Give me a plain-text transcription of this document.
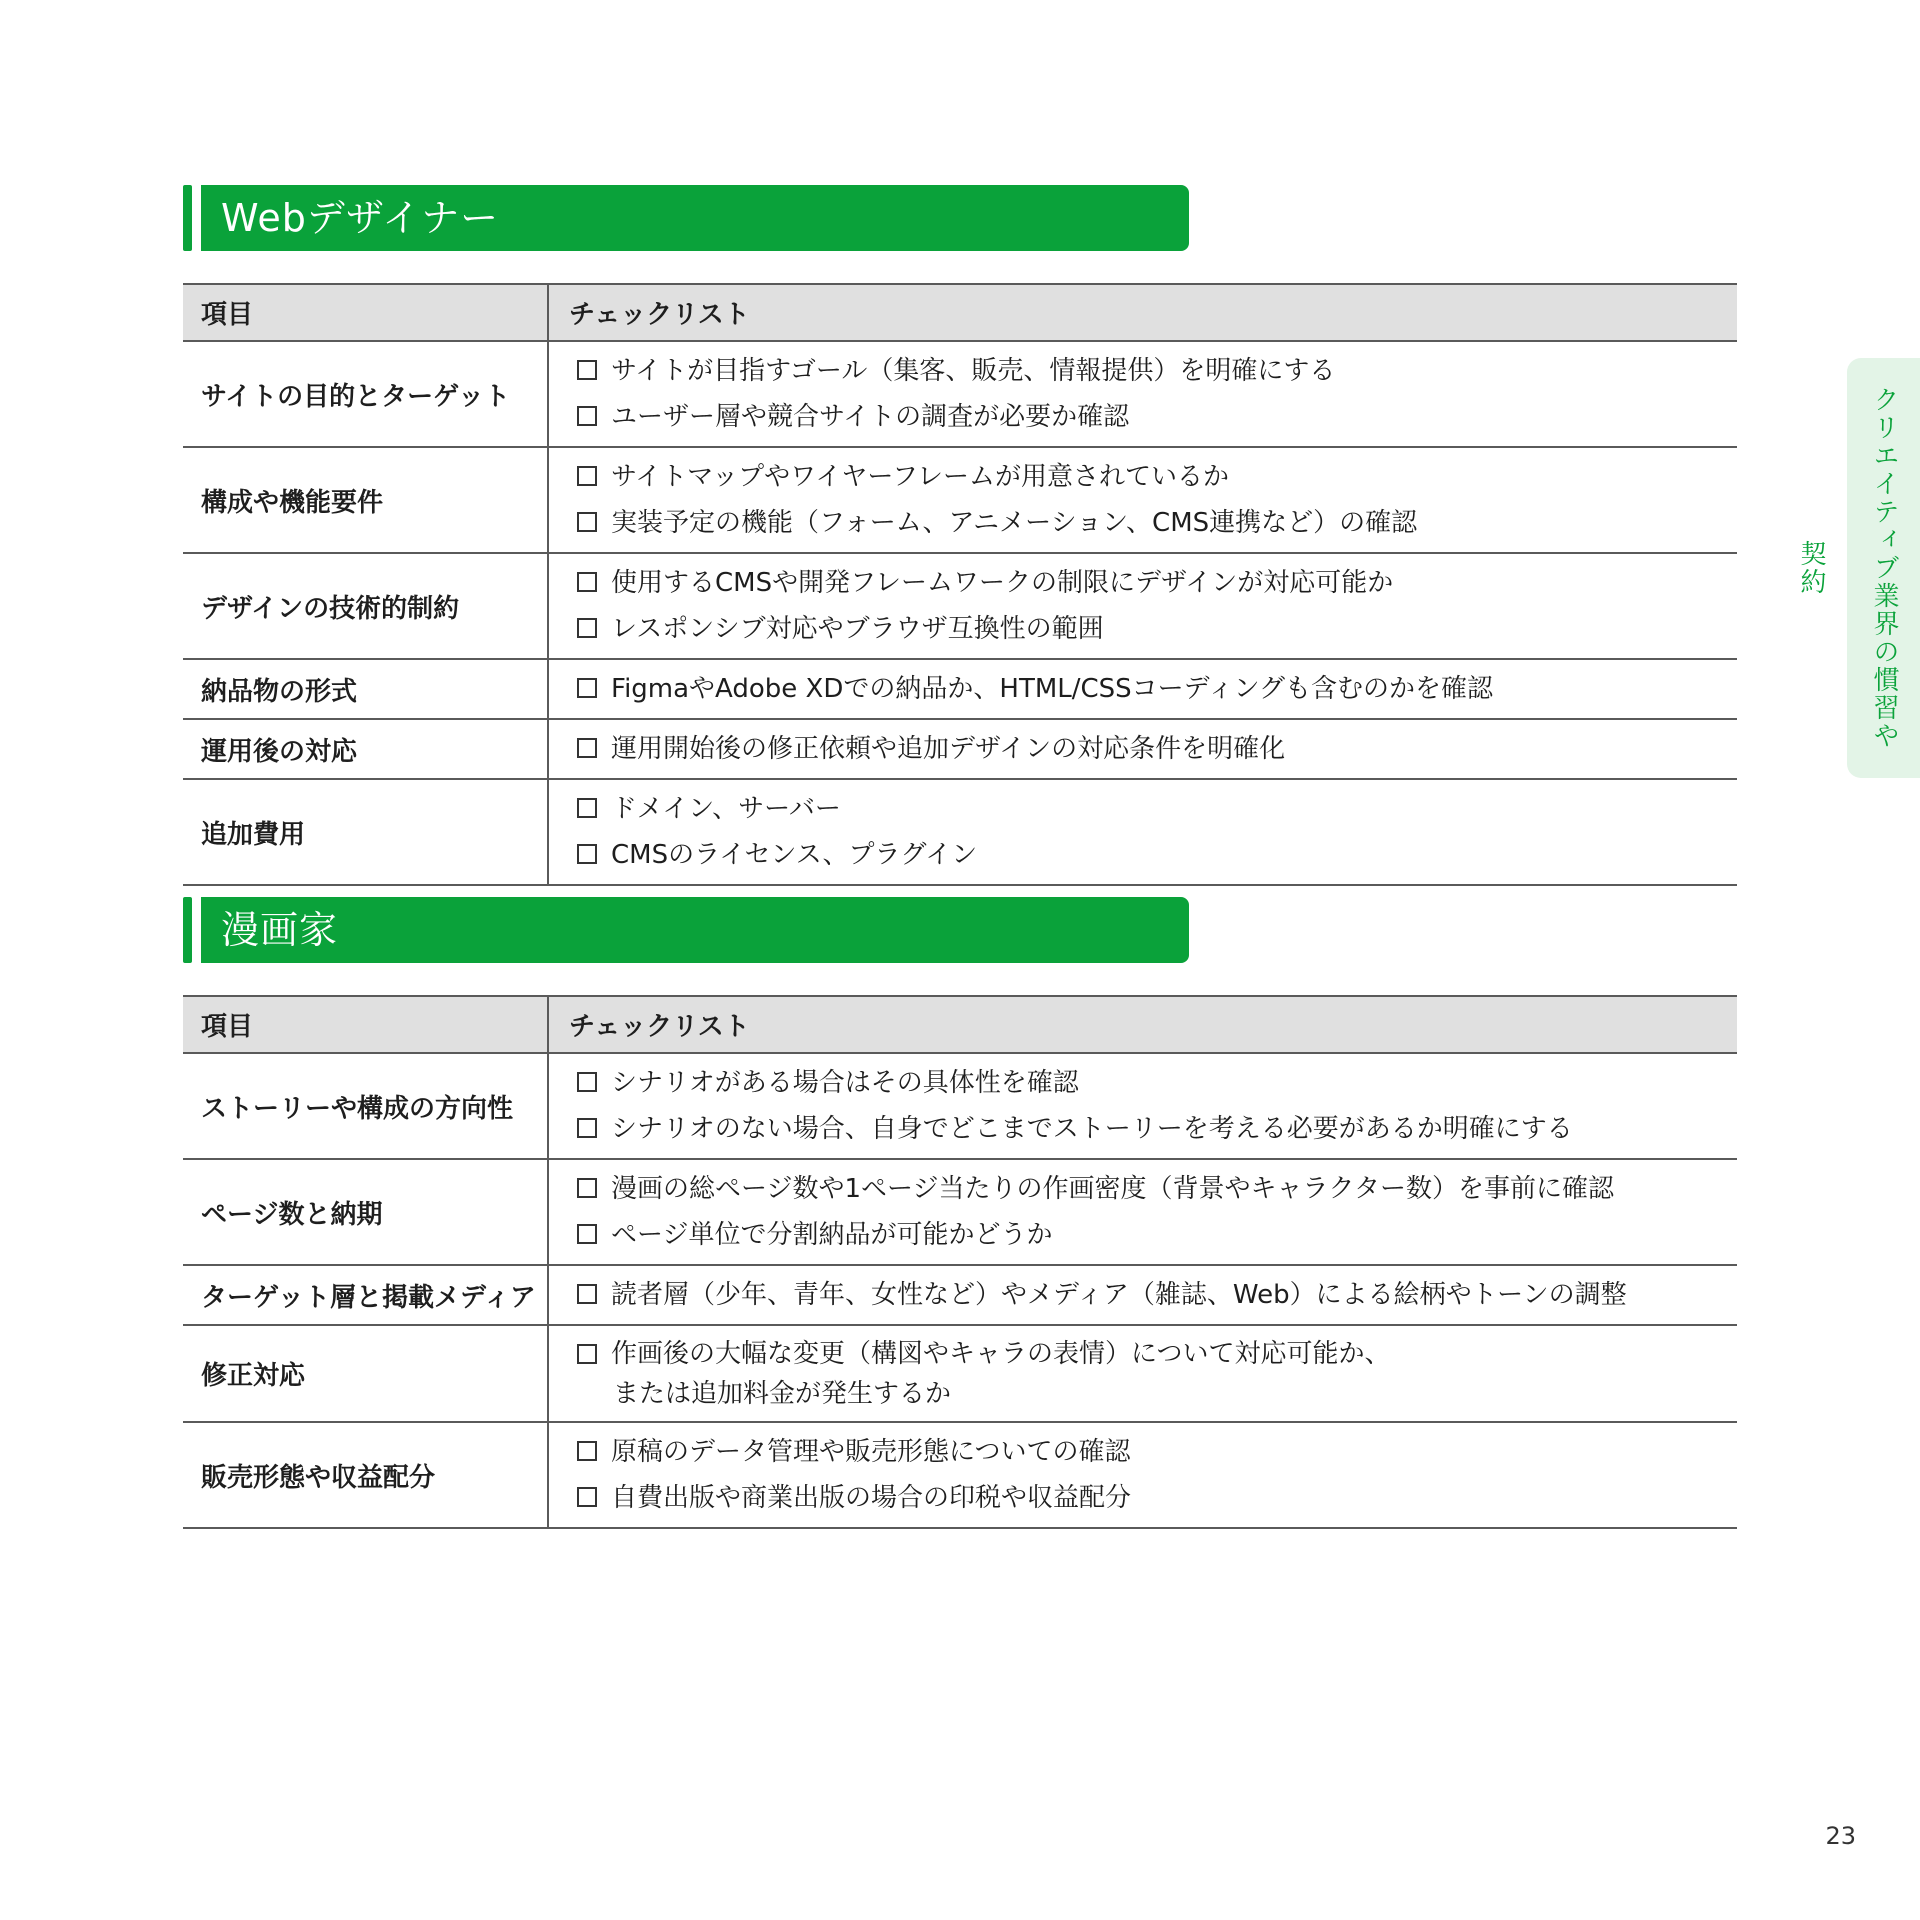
Webデザイナー
項目	チェックリスト
サイトの目的とターゲット	サイトが目指すゴール（集客、販売、情報提供）を明確にする
ユーザー層や競合サイトの調査が必要か確認

構成や機能要件	サイトマップやワイヤーフレームが用意されているか
実装予定の機能（フォーム、アニメーション、CMS連携など）の確認

デザインの技術的制約	使用するCMSや開発フレームワークの制限にデザインが対応可能か
レスポンシブ対応やブラウザ互換性の範囲

納品物の形式	FigmaやAdobe XDでの納品か、HTML/CSSコーディングも含むのかを確認

運用後の対応	運用開始後の修正依頼や追加デザインの対応条件を明確化

追加費用	ドメイン、サーバー
CMSのライセンス、プラグイン
漫画家
項目	チェックリスト
ストーリーや構成の方向性	シナリオがある場合はその具体性を確認
シナリオのない場合、自身でどこまでストーリーを考える必要があるか明確にする

ページ数と納期	漫画の総ページ数や1ページ当たりの作画密度（背景やキャラクター数）を事前に確認
ページ単位で分割納品が可能かどうか

ターゲット層と掲載メディア	読者層（少年、青年、女性など）やメディア（雑誌、Web）による絵柄やトーンの調整

修正対応	作画後の大幅な変更（構図やキャラの表情）について対応可能か、
または追加料金が発生するか

販売形態や収益配分	原稿のデータ管理や販売形態についての確認
自費出版や商業出版の場合の印税や収益配分
クリエイティブ業界の慣習や契約
23
